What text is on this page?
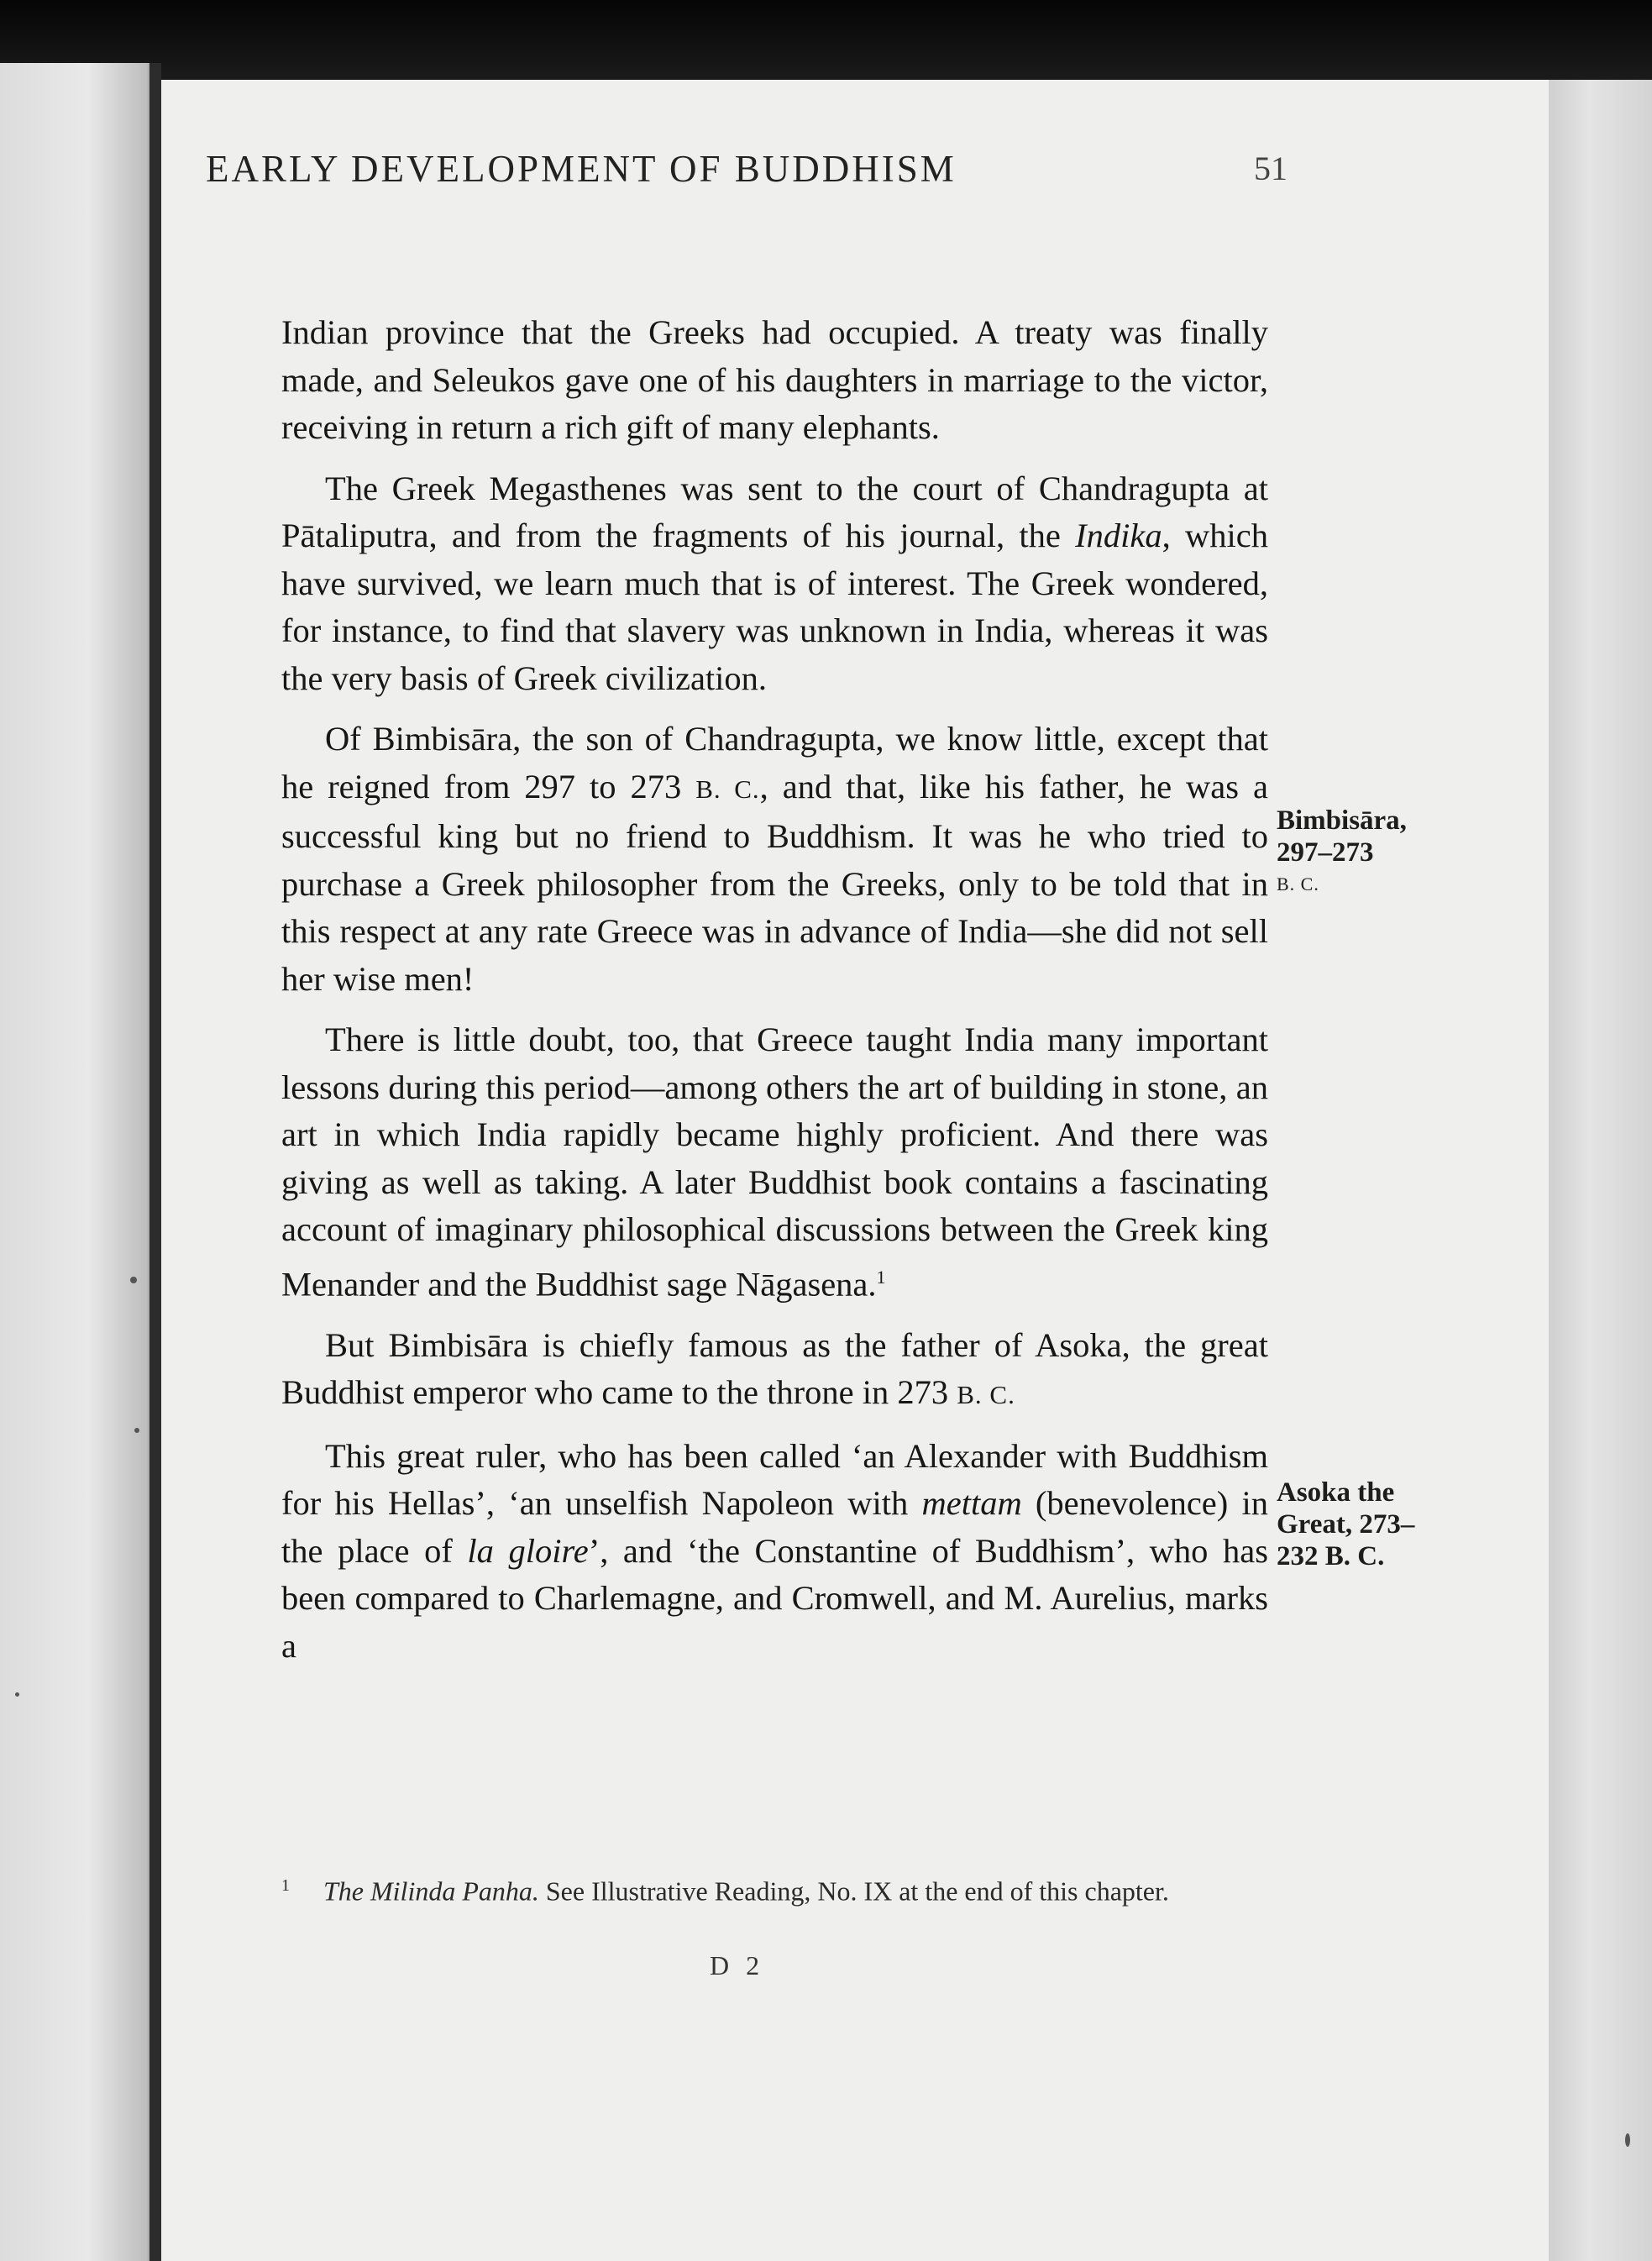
EARLY DEVELOPMENT OF BUDDHISM	51

Indian province that the Greeks had occupied. A treaty was finally made, and Seleukos gave one of his daughters in marriage to the victor, receiving in return a rich gift of many elephants.

The Greek Megasthenes was sent to the court of Chandragupta at Pātaliputra, and from the fragments of his journal, the Indika, which have survived, we learn much that is of interest. The Greek wondered, for instance, to find that slavery was unknown in India, whereas it was the very basis of Greek civilization.

Of Bimbisāra, the son of Chandragupta, we know little, except that he reigned from 297 to 273 B. C., and that, like his father, he was a successful king but no friend to Buddhism. It was he who tried to purchase a Greek philosopher from the Greeks, only to be told that in this respect at any rate Greece was in advance of India—she did not sell her wise men!

There is little doubt, too, that Greece taught India many important lessons during this period—among others the art of building in stone, an art in which India rapidly became highly proficient. And there was giving as well as taking. A later Buddhist book contains a fascinating account of imaginary philosophical discussions between the Greek king Menander and the Buddhist sage Nāgasena.$^1$

But Bimbisāra is chiefly famous as the father of Asoka, the great Buddhist emperor who came to the throne in 273 B. C.

This great ruler, who has been called ‘an Alexander with Buddhism for his Hellas’, ‘an unselfish Napoleon with mettam (benevolence) in the place of la gloire’, and ‘the Constantine of Buddhism’, who has been compared to Charlemagne, and Cromwell, and M. Aurelius, marks a

Bimbisāra,
297–273
B. C.
Asoka the
Great, 273–
232 B. C.
$^1$ The Milinda Panha. See Illustrative Reading, No. IX at the end of this chapter.
D 2
